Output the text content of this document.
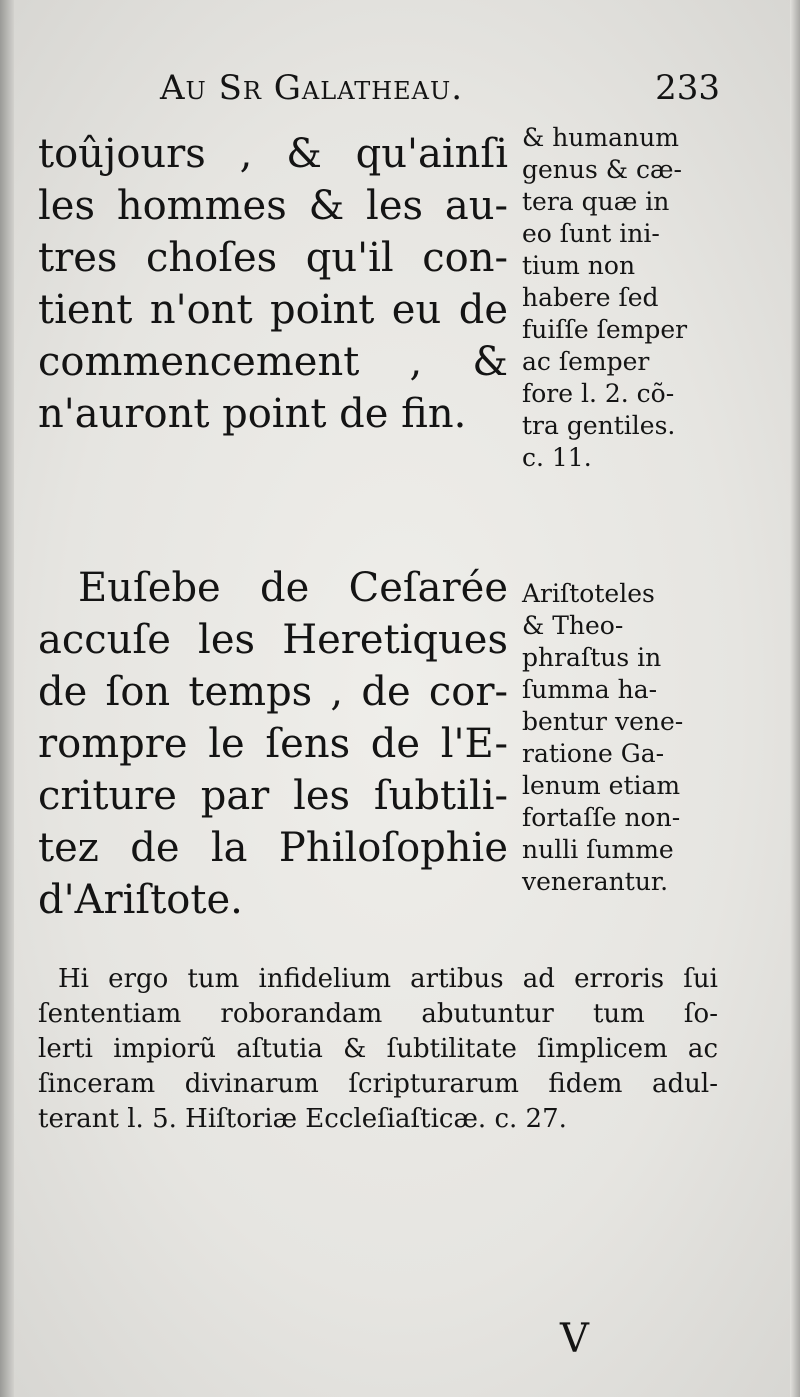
Au Sr Galatheau.	233
toûjours , & qu'ainſi
les hommes & les au-
tres choſes qu'il con-
tient n'ont point eu de
commencement , &
n'auront point de fin.
& humanum
genus & cæ-
tera quæ in
eo ſunt ini-
tium non
habere ſed
fuiſſe ſemper
ac ſemper
fore l. 2. cõ-
tra gentiles.
c. 11.
Euſebe de Ceſarée
accuſe les Heretiques
de ſon temps , de cor-
rompre le ſens de l'E-
criture par les ſubtili-
tez de la Philoſophie
d'Ariſtote.
Ariſtoteles
& Theo-
phraſtus in
ſumma ha-
bentur vene-
ratione Ga-
lenum etiam
fortaſſe non-
nulli ſumme
venerantur.
Hi ergo tum infidelium artibus ad erroris ſui
ſententiam roborandam abutuntur tum ſo-
lerti impiorũ aſtutia & ſubtilitate ſimplicem ac
ſinceram divinarum ſcripturarum fidem adul-
terant l. 5. Hiſtoriæ Eccleſiaſticæ. c. 27.
V
